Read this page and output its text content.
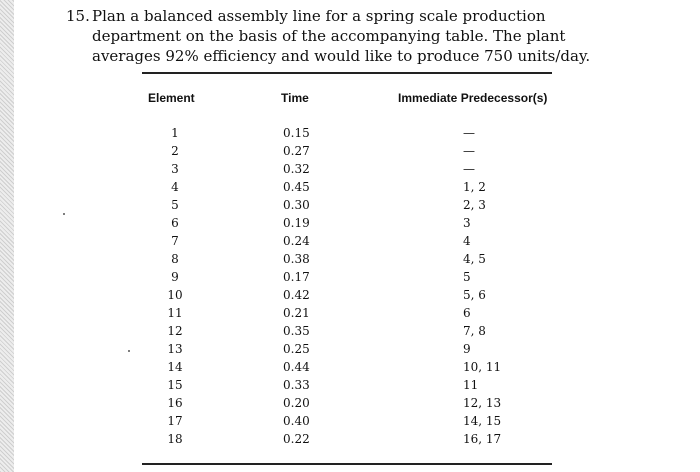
15. Plan a balanced assembly line for a spring scale production department on the basis of the accompanying table. The plant averages 92% efficiency and would like to produce 750 units/day.
Element	Time	Immediate Predecessor(s)
1	0.15	—
2	0.27	—
3	0.32	—
4	0.45	1, 2
5	0.30	2, 3
6	0.19	3
7	0.24	4
8	0.38	4, 5
9	0.17	5
10	0.42	5, 6
11	0.21	6
12	0.35	7, 8
13	0.25	9
14	0.44	10, 11
15	0.33	11
16	0.20	12, 13
17	0.40	14, 15
18	0.22	16, 17
